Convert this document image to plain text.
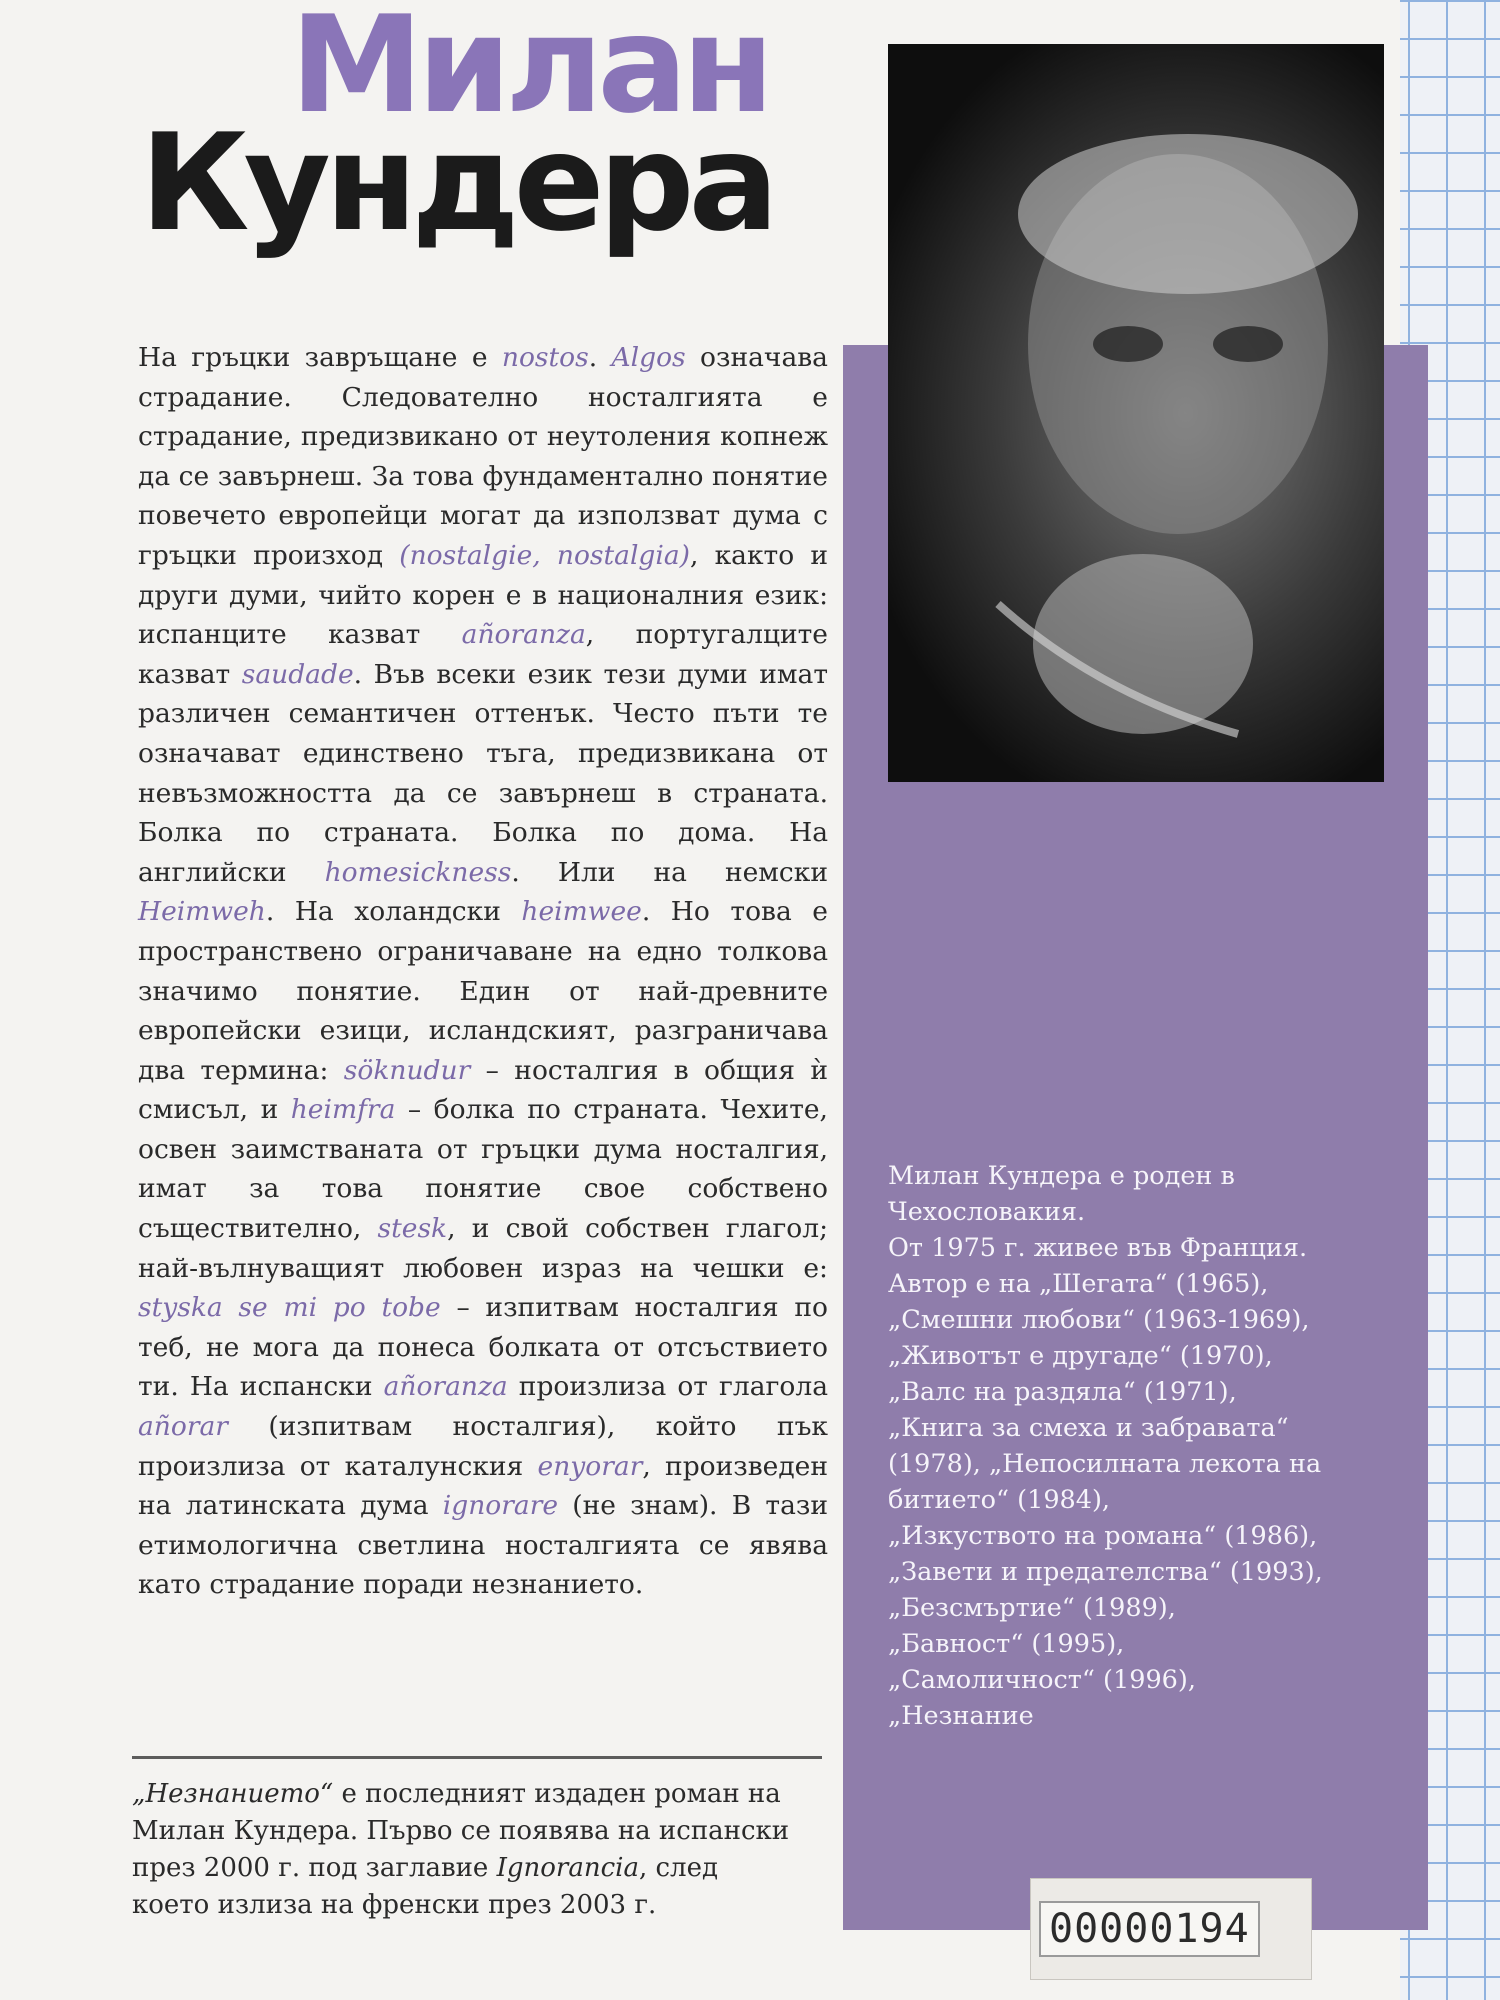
Милан
Кундера

На гръцки завръщане е nostos. Algos означава страдание. Следователно носталгията е страдание, предизвикано от неутоления копнеж да се завърнеш. За това фундаментално понятие повечето европейци могат да използват дума с гръцки произход (nostalgie, nostalgia), както и други думи, чийто корен е в националния език: испанците казват añoranza, португалците казват saudade. Във всеки език тези думи имат различен семантичен оттенък. Често пъти те означават единствено тъга, предизвикана от невъзможността да се завърнеш в страната. Болка по страната. Болка по дома. На английски homesickness. Или на немски Heimweh. На холандски heimwee. Но това е пространствено ограничаване на едно толкова значимо понятие. Един от най-древните европейски езици, исландският, разграничава два термина: söknudur – носталгия в общия ѝ смисъл, и heimfra – болка по страната. Чехите, освен заимстваната от гръцки дума носталгия, имат за това понятие свое собствено съществително, stesk, и свой собствен глагол; най-вълнуващият любовен израз на чешки е: styska se mi po tobe – изпитвам носталгия по теб, не мога да понеса болката от отсъствието ти. На испански añoranza произлиза от глагола añorar (изпитвам носталгия), който пък произлиза от каталунския enyorar, произведен на латинската дума ignorare (не знам). В тази етимологична светлина носталгията се явява като страдание поради незнанието.

„Незнанието“ е последният издаден роман на Милан Кундера. Първо се появява на испански през 2000 г. под заглавие Ignorancia, след което излиза на френски през 2003 г.

Милан Кундера е роден в Чехословакия.

От 1975 г. живее във Франция.

Автор е на „Шегата“ (1965),

„Смешни любови“ (1963-1969),

„Животът е другаде“ (1970),

„Валс на раздяла“ (1971),

„Книга за смеха и забравата“ (1978), „Непосилната лекота на битието“ (1984),

„Изкуството на романа“ (1986),

„Завети и предателства“ (1993),

„Безсмъртие“ (1989),

„Бавност“ (1995),

„Самоличност“ (1996),

„Незнание

00000194
